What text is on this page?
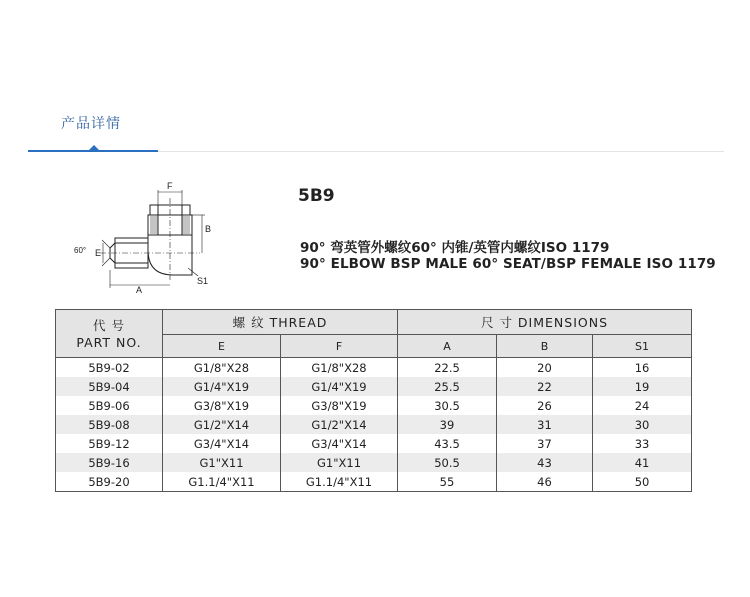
产品详情
F
B
E
A
S1
60°
5B9
90° 弯英管外螺纹60° 内锥/英管内螺纹ISO 1179
90° ELBOW BSP MALE 60° SEAT/BSP FEMALE ISO 1179
代 号
PART NO.	螺 纹 THREAD		尺 寸 DIMENSIONS		
	E	F	A	B	S1
5B9-02	G1/8"X28	G1/8"X28	22.5	20	16
5B9-04	G1/4"X19	G1/4"X19	25.5	22	19
5B9-06	G3/8"X19	G3/8"X19	30.5	26	24
5B9-08	G1/2"X14	G1/2"X14	39	31	30
5B9-12	G3/4"X14	G3/4"X14	43.5	37	33
5B9-16	G1"X11	G1"X11	50.5	43	41
5B9-20	G1.1/4"X11	G1.1/4"X11	55	46	50
